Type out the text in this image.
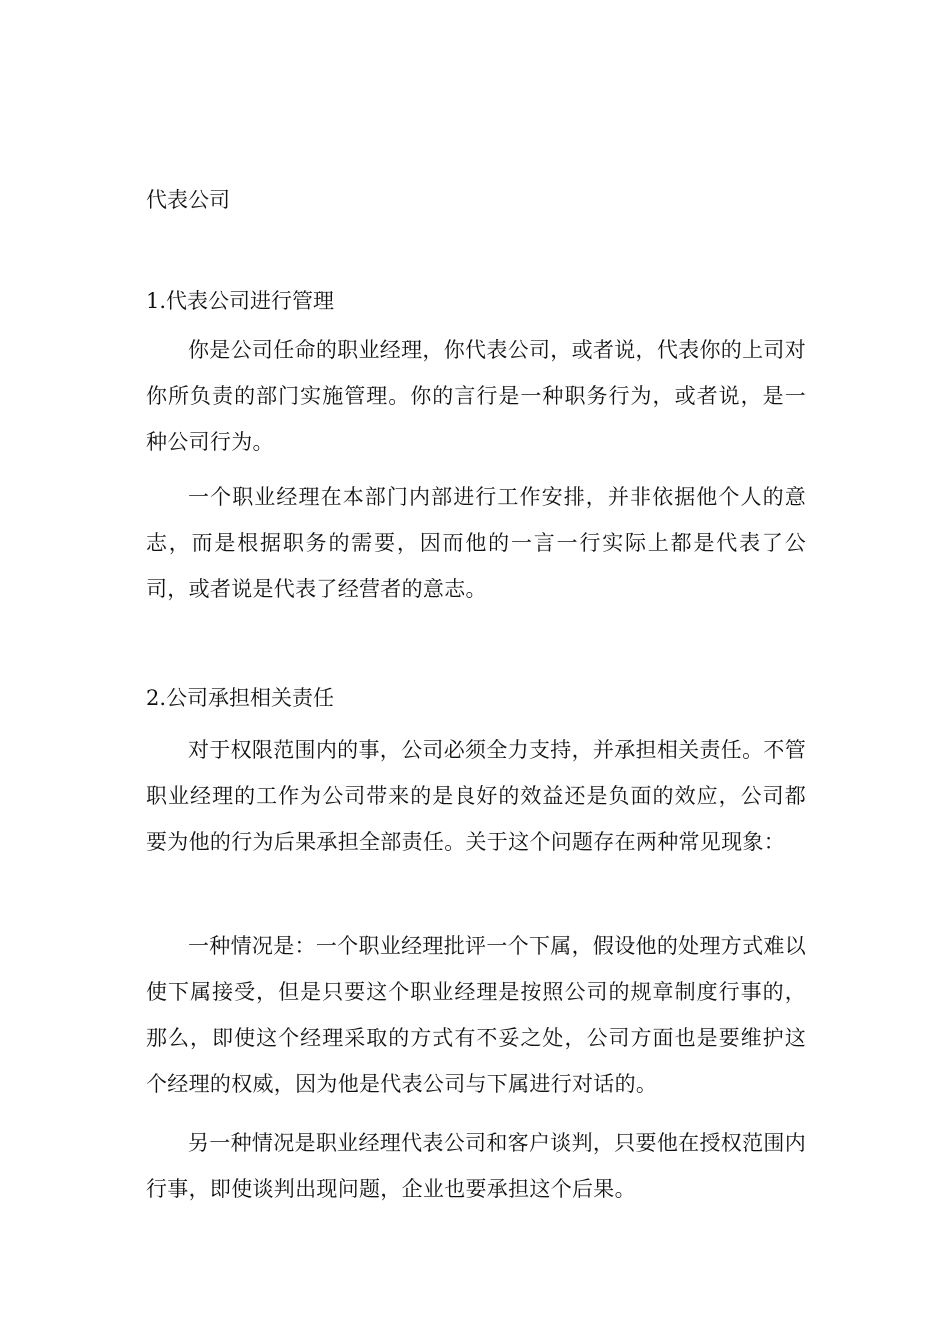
代表公司
1.代表公司进行管理

你是公司任命的职业经理，你代表公司，或者说，代表你的上司对你所负责的部门实施管理。你的言行是一种职务行为，或者说，是一种公司行为。

一个职业经理在本部门内部进行工作安排，并非依据他个人的意志，而是根据职务的需要，因而他的一言一行实际上都是代表了公司，或者说是代表了经营者的意志。

2.公司承担相关责任

对于权限范围内的事，公司必须全力支持，并承担相关责任。不管职业经理的工作为公司带来的是良好的效益还是负面的效应，公司都要为他的行为后果承担全部责任。关于这个问题存在两种常见现象：

一种情况是：一个职业经理批评一个下属，假设他的处理方式难以使下属接受，但是只要这个职业经理是按照公司的规章制度行事的，那么，即使这个经理采取的方式有不妥之处，公司方面也是要维护这个经理的权威，因为他是代表公司与下属进行对话的。

另一种情况是职业经理代表公司和客户谈判，只要他在授权范围内行事，即使谈判出现问题，企业也要承担这个后果。
